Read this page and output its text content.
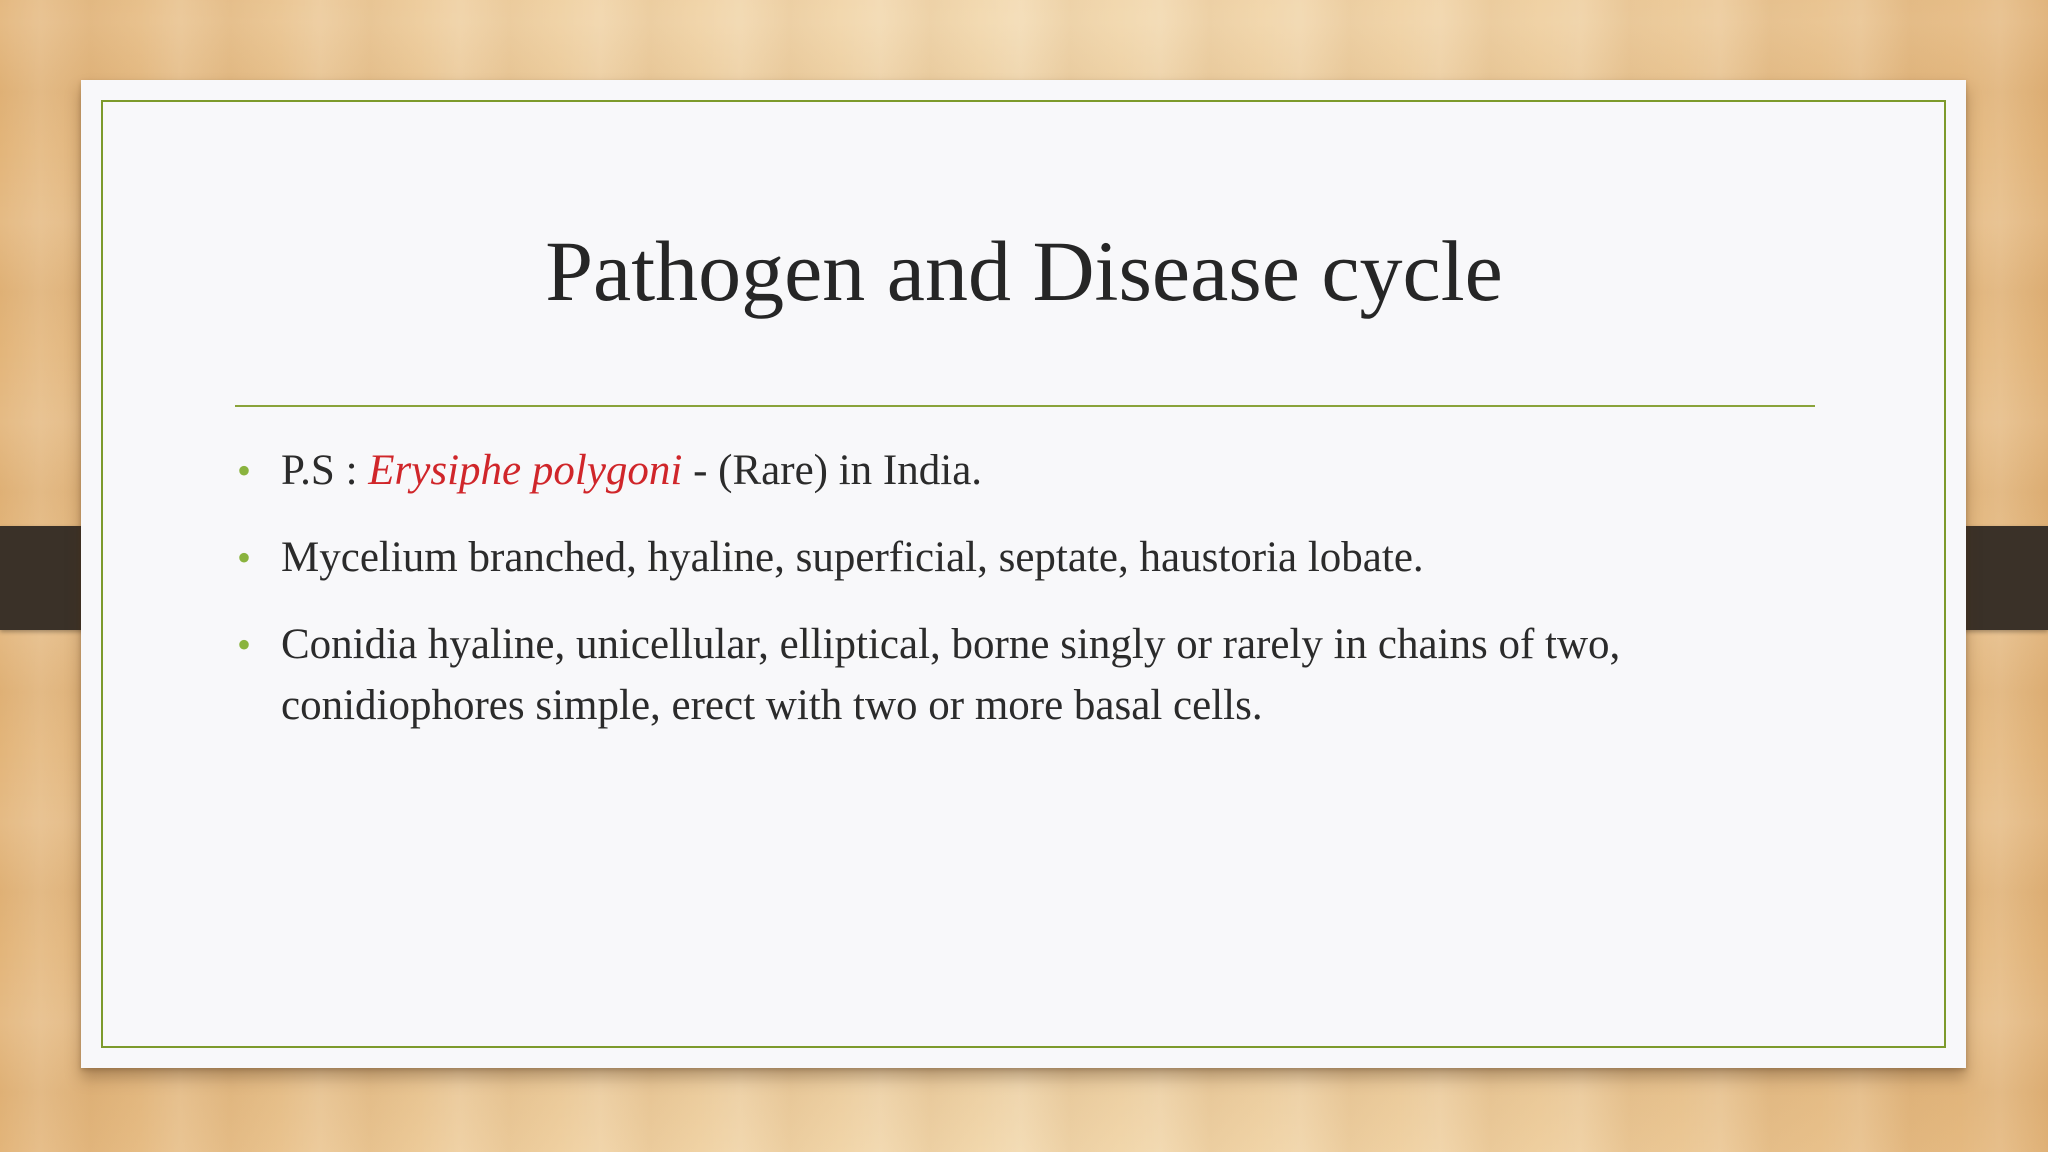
Pathogen and Disease cycle
• P.S : Erysiphe polygoni - (Rare) in India.
• Mycelium branched, hyaline, superficial, septate, haustoria lobate.
• Conidia hyaline, unicellular, elliptical, borne singly or rarely in chains of two, conidiophores simple, erect with two or more basal cells.
